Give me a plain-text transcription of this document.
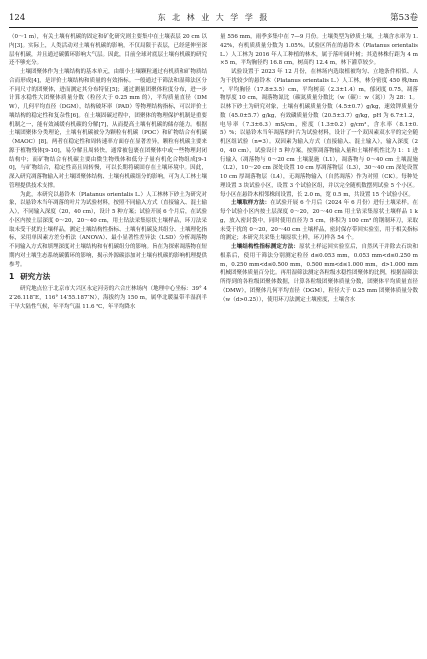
124	东 北 林 业 大 学 学 报	第53卷

（0～1 m），有关土壤有机碳的固定和矿化研究则主要集中在土壤表层 20 cm 以内[3]。实际上，人类活动对土壤有机碳的影响，不仅局限于表层，已经延伸至深层有机碳，并且通过碳循环影响大气层。因此，目前全球对底层土壤有机碳的研究还不够充分。

土壤团聚体作为土壤结构的基本单元，由细小土壤颗粒通过有机质和矿物质结合而形成[4]，是评价土壤结构和质量的有效指标。一般通过干筛法和湿筛法区分不同尺寸的团聚体，进而测定其分布特征[5]；通过测量团聚体粒度分布，进一步计算水稳性大团聚体质量分数（粒径大于 0.25 mm 的），平均质量直径（DMW），几何平均直径（DGM），结构破坏率（PAD）等物理结构指标，可以评价土壤结构的稳定性和复杂性[6]。在土壤固碳过程中，团聚体的物理保护机制是重要机制之一，能有效减缓有机碳的分解[7]，从而提高土壤有机碳的储存能力。根据土壤团聚体分类理论，土壤有机碳被分为颗粒有机碳（POC）和矿物结合有机碳（MAOC）[8]。两者在稳定性和周转速率方面存在显著差异，颗粒有机碳主要来源于植物残体[9-10]，易分解且周转快，通常被包裹在团聚体中或一些物理封闭结构中；而矿物结合有机碳主要由微生物残体和低分子量有机化合物组成[9-10]，与矿物结合，稳定性高且周转慢，可以长期将碳固存在土壤环境中。因此，深入研究凋落物输入对土壤团聚体结构、土壤有机碳组分的影响，可为人工林土壤管理提供技术支撑。

为此，本研究以悬铃木（Platanus orientalis L.）人工林林下砂土为研究对象，以悬铃木当年凋落的叶片为试验材料，按照不同输入方式（直接输入、混土输入），不同输入深度（20，40 cm），设计 5 种方案；试验开展 6 个月后，在试验小区内按土层深度 0～20，20～40 cm，用土钻法采集原状土壤样品，环刀法采取未受干扰的土壤样品，测定土壤结构性指标、土壤有机碳及其组分、土壤理化指标，采用单因素方差分析法（ANOVA）、最小显著性差异法（LSD）分析凋落物不同输入方式和填埋深度对土壤结构和有机碳组分的影响。旨在为探索凋落物在短期内对土壤生态系统碳循环的影响，揭示外源碳添加对土壤有机碳的影响机理提供参考。

1 研究方法

研究地点位于北京市大兴区永定河旁的六合庄林场内（地理中心坐标：39° 42′26.118″E，116° 14′55.187″N），海拔约为 150 m，属华北暖温带半湿润半干旱大陆性气候，年平均气温 11.6 ℃，年平均降水

量 556 mm，雨季多集中在 7—9 月份。土壤类型为砂质土壤，土壤含水率为 1.42%，有机质质量分数为 1.05%。试验区所在的悬铃木（Platanus orientalis L.）人工林为 2016 年人工种植的林木，属于落叶阔叶树；其造林株行距为 4 m×5 m，平均胸径约 16.8 cm，树高约 12.4 m，林下灌草较少。

试验设置于 2023 年 12 月份，在林场内选取植被均匀、立地条件相似、人为干扰较少的悬铃木（Platanus orientalis L.）人工林，林分密度 450 株/hm²，平均胸径（17.8±3.5）cm，平均树高（2.3±1.4）m，郁闭度 0.75，凋落物厚度 10 cm，凋落物氮比（碳氮质量分数比（w（碳）：w（氮））为 28：1。以林下砂土为研究对象，土壤有机碳质量分数（4.5±0.7）g/kg，速效钾质量分数（45.0±5.7）g/kg，有效磷质量分数（20.5±3.7）g/kg，pH 为 6.7±1.2，电导率（7.3±6.3）mS/cm，密度（1.3±0.2）g/cm³，含水率（8.1±0.5）%；以悬铃木当年凋落的叶片为试验材料，设计了一个双因素双水平的完全随机区组试验（n=3）。双因素为输入方式（直接输入、混土输入），输入深度（20，40 cm），试验设计 5 种方案，按照凋落物输入量和土壤样机性比为 1：1 进行输入（凋落物与 0～20 cm 土壤混施（L1），凋落物与 0～40 cm 土壤混施（L2），10～20 cm 深处设置 10 cm 厚凋落物层（L3），30～40 cm 深处设置 10 cm 厚凋落物层（L4），无凋落物输入（自然凋落）作为对照（CK）。每种处理设置 3 块试验小区，设置 3 个试验区组，并以完全随机数摆列试验 5 个小区。每小区在悬铃木相邻株间设置，长 2.0 m，宽 0.5 m，共设置 15 个试验小区。

土壤取样方法：在试验开展 6 个月后（2024 年 6 月份）进行土壤采样。在每个试验小区内按土层深度 0～20，20～40 cm 用土钻采集原状土壤样品 1 kg，放入密封袋中，同时使用直径为 5 cm，体积为 100 cm³ 的钢制环刀，采取未受干扰的 0～20，20～40 cm 土壤样品，密封保存带回实验室，用于相关指标的测定；本研究共采集土壤原状土样，环刀样各 54 个。

土壤结构性指标测定方法：原状土样运回实验室后，自然风干并除去石块和根系后，使用干筛法分别测定粒径 d≤0.053 mm，0.053 mm<d≤0.250 mm，0.250 mm<d≤0.500 mm，0.500 mm<d≤1.000 mm，d>1.000 mm 机械团聚体质量百分比。再用湿筛法测定各粒级水稳性团聚体的比例，根据湿筛法所得到的各粒级团聚体数据，计算各粒级团聚体质量分数，团聚体平均质量直径（DMW），团聚体几何平均直径（DGM），粒径大于 0.25 mm 团聚体质量分数（w（d>0.25）），使用环刀法测定土壤密度，土壤含水
